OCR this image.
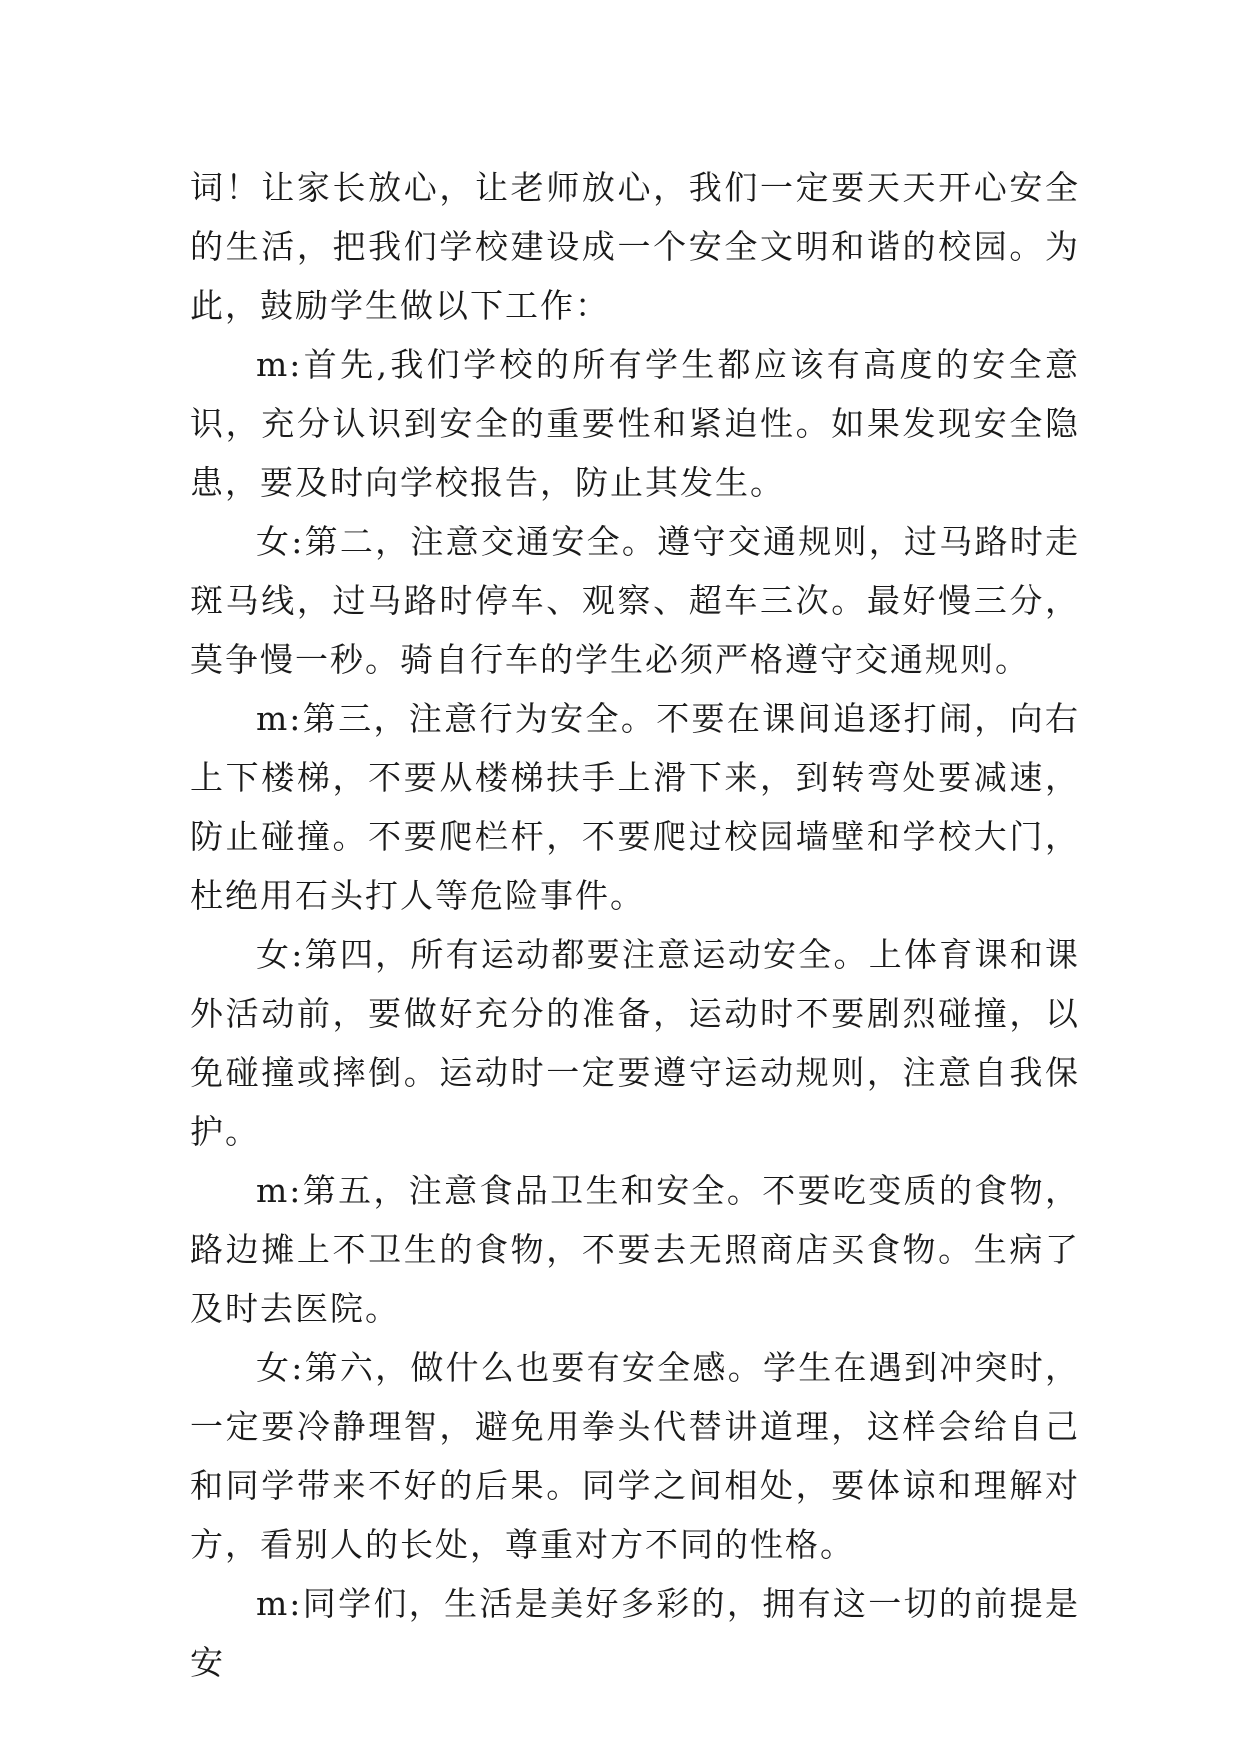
词！让家长放心，让老师放心，我们一定要天天开心安全的生活，把我们学校建设成一个安全文明和谐的校园。为此，鼓励学生做以下工作：

m:首先,我们学校的所有学生都应该有高度的安全意识，充分认识到安全的重要性和紧迫性。如果发现安全隐患，要及时向学校报告，防止其发生。

女:第二，注意交通安全。遵守交通规则，过马路时走斑马线，过马路时停车、观察、超车三次。最好慢三分，莫争慢一秒。骑自行车的学生必须严格遵守交通规则。

m:第三，注意行为安全。不要在课间追逐打闹，向右上下楼梯，不要从楼梯扶手上滑下来，到转弯处要减速，防止碰撞。不要爬栏杆，不要爬过校园墙壁和学校大门，杜绝用石头打人等危险事件。

女:第四，所有运动都要注意运动安全。上体育课和课外活动前，要做好充分的准备，运动时不要剧烈碰撞，以免碰撞或摔倒。运动时一定要遵守运动规则，注意自我保护。

m:第五，注意食品卫生和安全。不要吃变质的食物，路边摊上不卫生的食物，不要去无照商店买食物。生病了及时去医院。

女:第六，做什么也要有安全感。学生在遇到冲突时，一定要冷静理智，避免用拳头代替讲道理，这样会给自己和同学带来不好的后果。同学之间相处，要体谅和理解对方，看别人的长处，尊重对方不同的性格。

m:同学们，生活是美好多彩的，拥有这一切的前提是安
